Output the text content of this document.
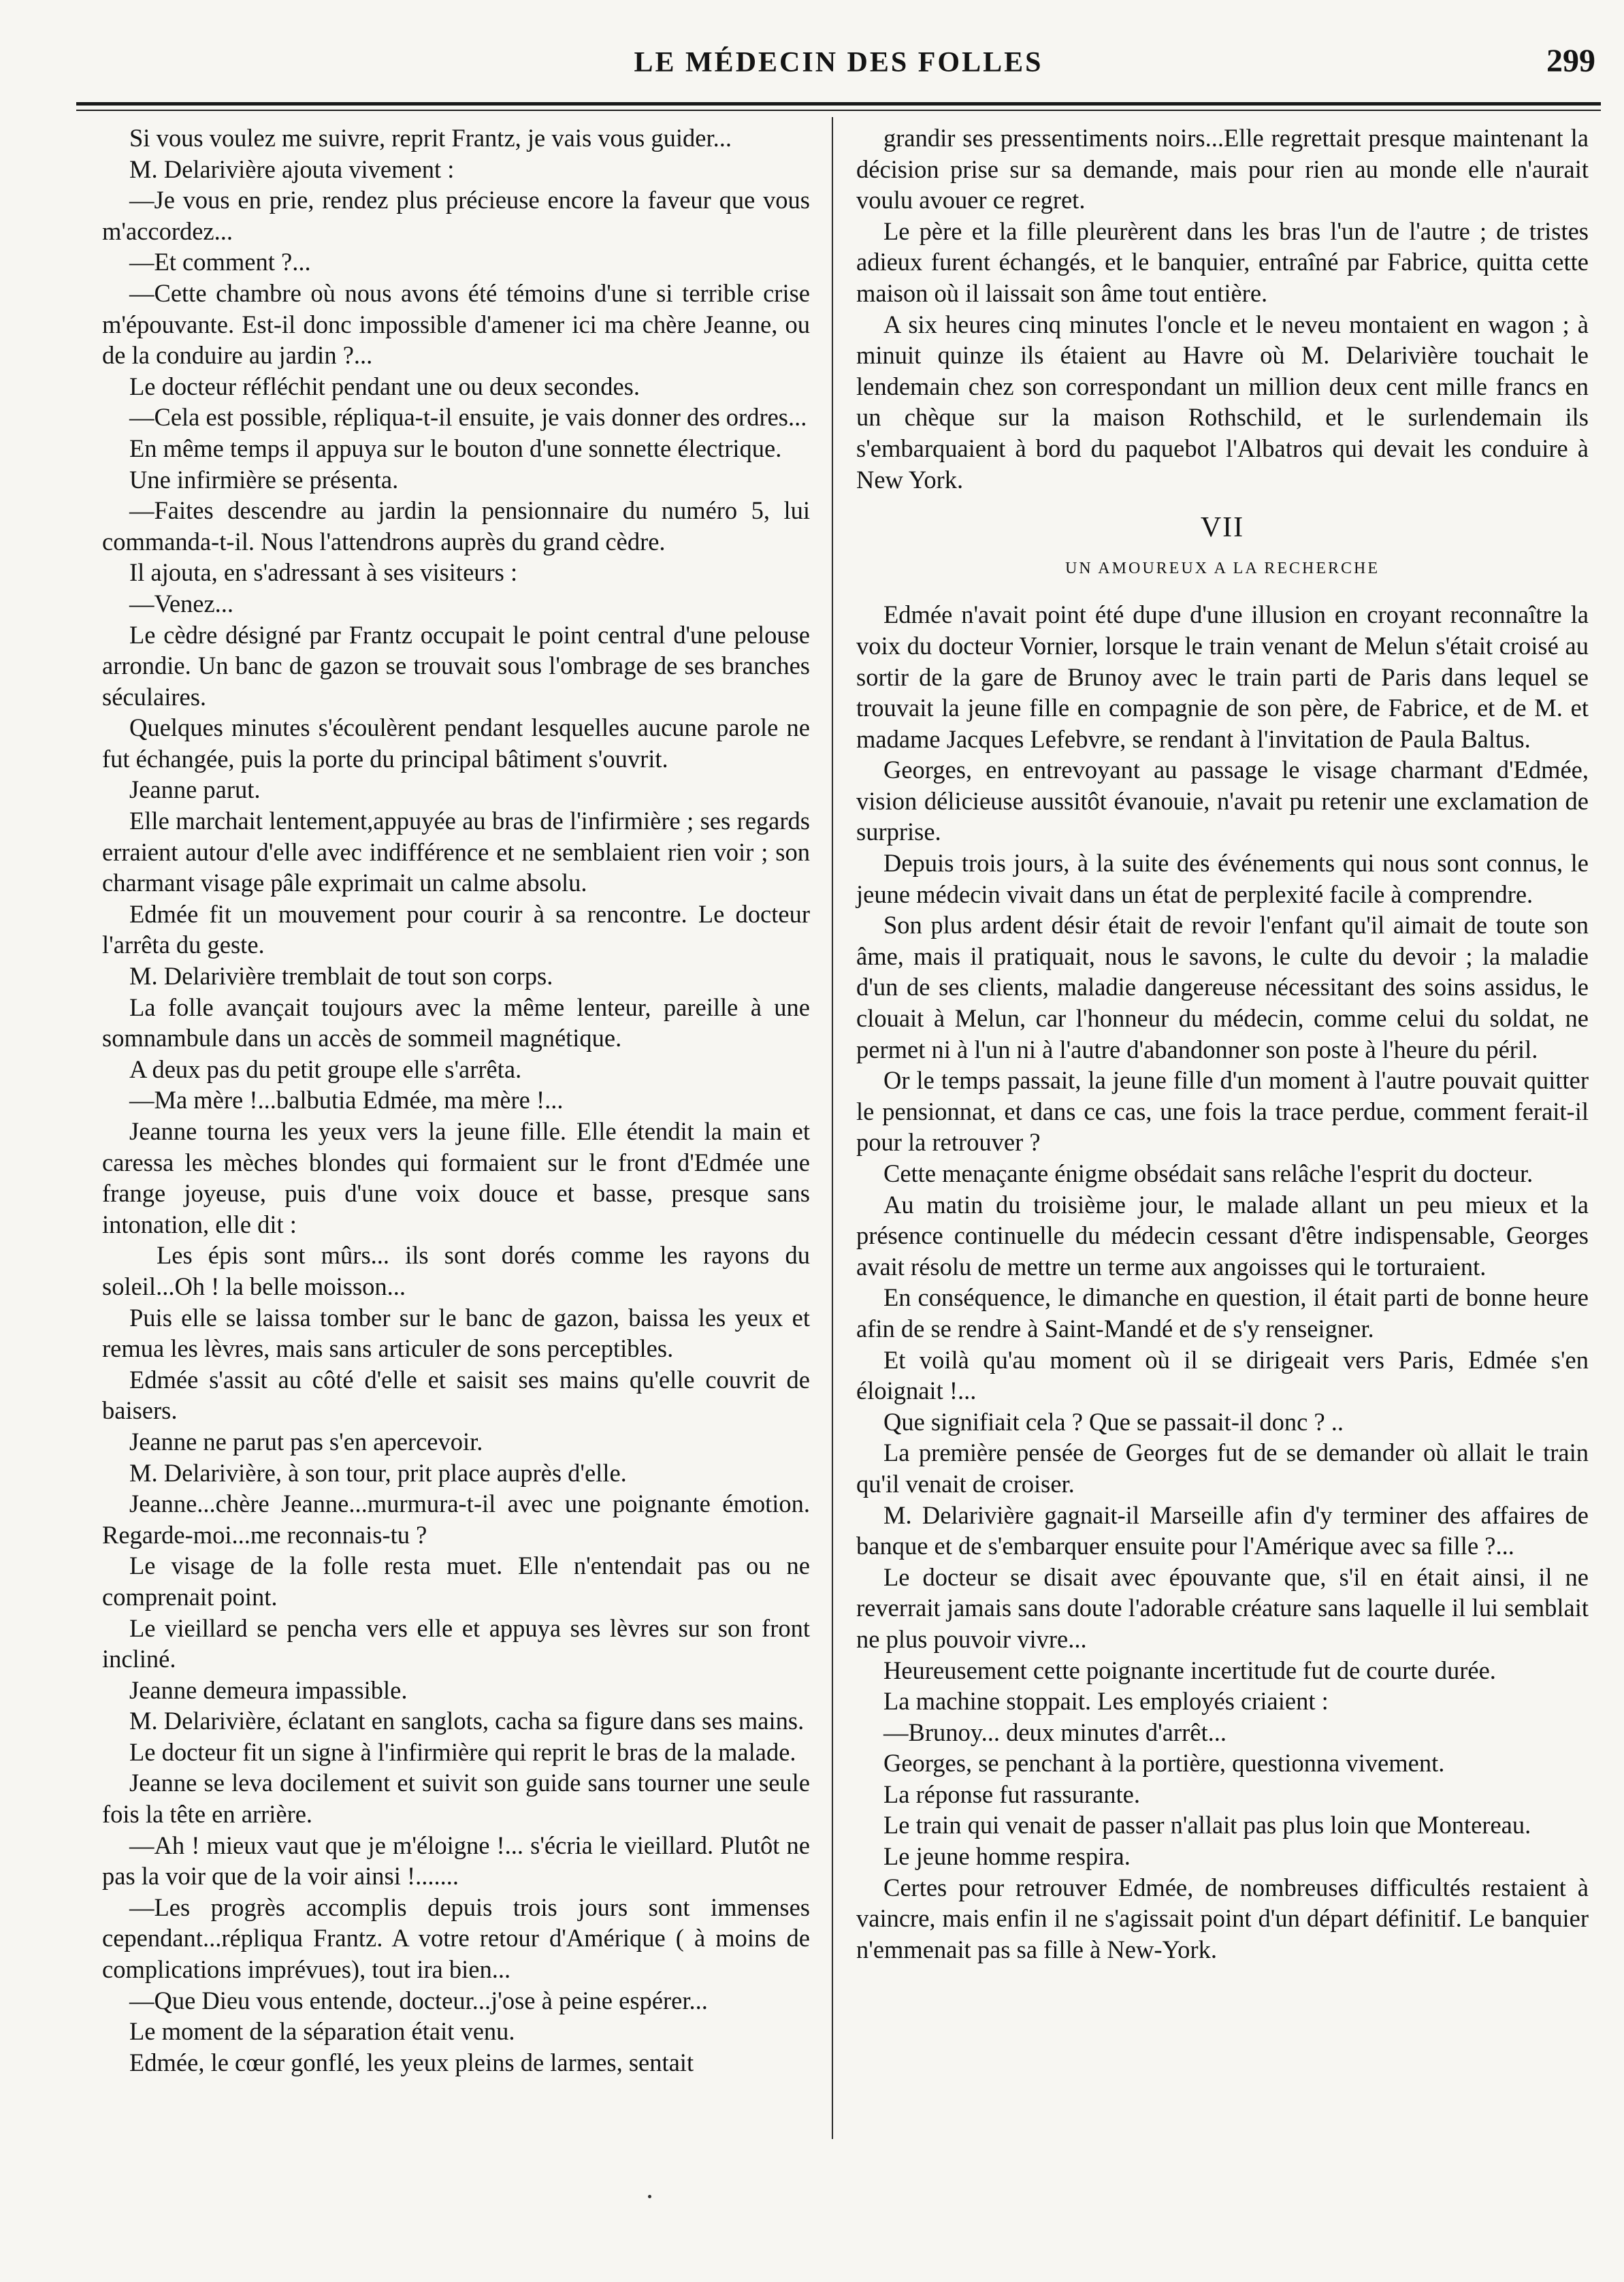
LE MÉDECIN DES FOLLES	299

Si vous voulez me suivre, reprit Frantz, je vais vous guider...

M. Delarivière ajouta vivement :

—Je vous en prie, rendez plus précieuse encore la faveur que vous m'accordez...

—Et comment ?...

—Cette chambre où nous avons été témoins d'une si terrible crise m'épouvante. Est-il donc impossible d'amener ici ma chère Jeanne, ou de la conduire au jardin ?...

Le docteur réfléchit pendant une ou deux secondes.

—Cela est possible, répliqua-t-il ensuite, je vais donner des ordres...

En même temps il appuya sur le bouton d'une sonnette électrique.

Une infirmière se présenta.

—Faites descendre au jardin la pensionnaire du numéro 5, lui commanda-t-il. Nous l'attendrons auprès du grand cèdre.

Il ajouta, en s'adressant à ses visiteurs :

—Venez...

Le cèdre désigné par Frantz occupait le point central d'une pelouse arrondie. Un banc de gazon se trouvait sous l'ombrage de ses branches séculaires.

Quelques minutes s'écoulèrent pendant lesquelles aucune parole ne fut échangée, puis la porte du principal bâtiment s'ouvrit.

Jeanne parut.

Elle marchait lentement,appuyée au bras de l'infirmière ; ses regards erraient autour d'elle avec indifférence et ne semblaient rien voir ; son charmant visage pâle exprimait un calme absolu.

Edmée fit un mouvement pour courir à sa rencontre. Le docteur l'arrêta du geste.

M. Delarivière tremblait de tout son corps.

La folle avançait toujours avec la même lenteur, pareille à une somnambule dans un accès de sommeil magnétique.

A deux pas du petit groupe elle s'arrêta.

—Ma mère !...balbutia Edmée, ma mère !...

Jeanne tourna les yeux vers la jeune fille. Elle étendit la main et caressa les mèches blondes qui formaient sur le front d'Edmée une frange joyeuse, puis d'une voix douce et basse, presque sans intonation, elle dit :

Les épis sont mûrs... ils sont dorés comme les rayons du soleil...Oh ! la belle moisson...

Puis elle se laissa tomber sur le banc de gazon, baissa les yeux et remua les lèvres, mais sans articuler de sons perceptibles.

Edmée s'assit au côté d'elle et saisit ses mains qu'elle couvrit de baisers.

Jeanne ne parut pas s'en apercevoir.

M. Delarivière, à son tour, prit place auprès d'elle.

Jeanne...chère Jeanne...murmura-t-il avec une poignante émotion. Regarde-moi...me reconnais-tu ?

Le visage de la folle resta muet. Elle n'entendait pas ou ne comprenait point.

Le vieillard se pencha vers elle et appuya ses lèvres sur son front incliné.

Jeanne demeura impassible.

M. Delarivière, éclatant en sanglots, cacha sa figure dans ses mains.

Le docteur fit un signe à l'infirmière qui reprit le bras de la malade.

Jeanne se leva docilement et suivit son guide sans tourner une seule fois la tête en arrière.

—Ah ! mieux vaut que je m'éloigne !... s'écria le vieillard. Plutôt ne pas la voir que de la voir ainsi !.......

—Les progrès accomplis depuis trois jours sont immenses cependant...répliqua Frantz. A votre retour d'Amérique ( à moins de complications imprévues), tout ira bien...

—Que Dieu vous entende, docteur...j'ose à peine espérer...

Le moment de la séparation était venu.

Edmée, le cœur gonflé, les yeux pleins de larmes, sentait

grandir ses pressentiments noirs...Elle regrettait presque maintenant la décision prise sur sa demande, mais pour rien au monde elle n'aurait voulu avouer ce regret.

Le père et la fille pleurèrent dans les bras l'un de l'autre ; de tristes adieux furent échangés, et le banquier, entraîné par Fabrice, quitta cette maison où il laissait son âme tout entière.

A six heures cinq minutes l'oncle et le neveu montaient en wagon ; à minuit quinze ils étaient au Havre où M. Delarivière touchait le lendemain chez son correspondant un million deux cent mille francs en un chèque sur la maison Rothschild, et le surlendemain ils s'embarquaient à bord du paquebot l'Albatros qui devait les conduire à New York.

VII
UN AMOUREUX A LA RECHERCHE

Edmée n'avait point été dupe d'une illusion en croyant reconnaître la voix du docteur Vornier, lorsque le train venant de Melun s'était croisé au sortir de la gare de Brunoy avec le train parti de Paris dans lequel se trouvait la jeune fille en compagnie de son père, de Fabrice, et de M. et madame Jacques Lefebvre, se rendant à l'invitation de Paula Baltus.

Georges, en entrevoyant au passage le visage charmant d'Edmée, vision délicieuse aussitôt évanouie, n'avait pu retenir une exclamation de surprise.

Depuis trois jours, à la suite des événements qui nous sont connus, le jeune médecin vivait dans un état de perplexité facile à comprendre.

Son plus ardent désir était de revoir l'enfant qu'il aimait de toute son âme, mais il pratiquait, nous le savons, le culte du devoir ; la maladie d'un de ses clients, maladie dangereuse nécessitant des soins assidus, le clouait à Melun, car l'honneur du médecin, comme celui du soldat, ne permet ni à l'un ni à l'autre d'abandonner son poste à l'heure du péril.

Or le temps passait, la jeune fille d'un moment à l'autre pouvait quitter le pensionnat, et dans ce cas, une fois la trace perdue, comment ferait-il pour la retrouver ?

Cette menaçante énigme obsédait sans relâche l'esprit du docteur.

Au matin du troisième jour, le malade allant un peu mieux et la présence continuelle du médecin cessant d'être indispensable, Georges avait résolu de mettre un terme aux angoisses qui le torturaient.

En conséquence, le dimanche en question, il était parti de bonne heure afin de se rendre à Saint-Mandé et de s'y renseigner.

Et voilà qu'au moment où il se dirigeait vers Paris, Edmée s'en éloignait !...

Que signifiait cela ? Que se passait-il donc ? ..

La première pensée de Georges fut de se demander où allait le train qu'il venait de croiser.

M. Delarivière gagnait-il Marseille afin d'y terminer des affaires de banque et de s'embarquer ensuite pour l'Amérique avec sa fille ?...

Le docteur se disait avec épouvante que, s'il en était ainsi, il ne reverrait jamais sans doute l'adorable créature sans laquelle il lui semblait ne plus pouvoir vivre...

Heureusement cette poignante incertitude fut de courte durée.

La machine stoppait. Les employés criaient :

—Brunoy... deux minutes d'arrêt...

Georges, se penchant à la portière, questionna vivement.

La réponse fut rassurante.

Le train qui venait de passer n'allait pas plus loin que Montereau.

Le jeune homme respira.

Certes pour retrouver Edmée, de nombreuses difficultés restaient à vaincre, mais enfin il ne s'agissait point d'un départ définitif. Le banquier n'emmenait pas sa fille à New-York.
